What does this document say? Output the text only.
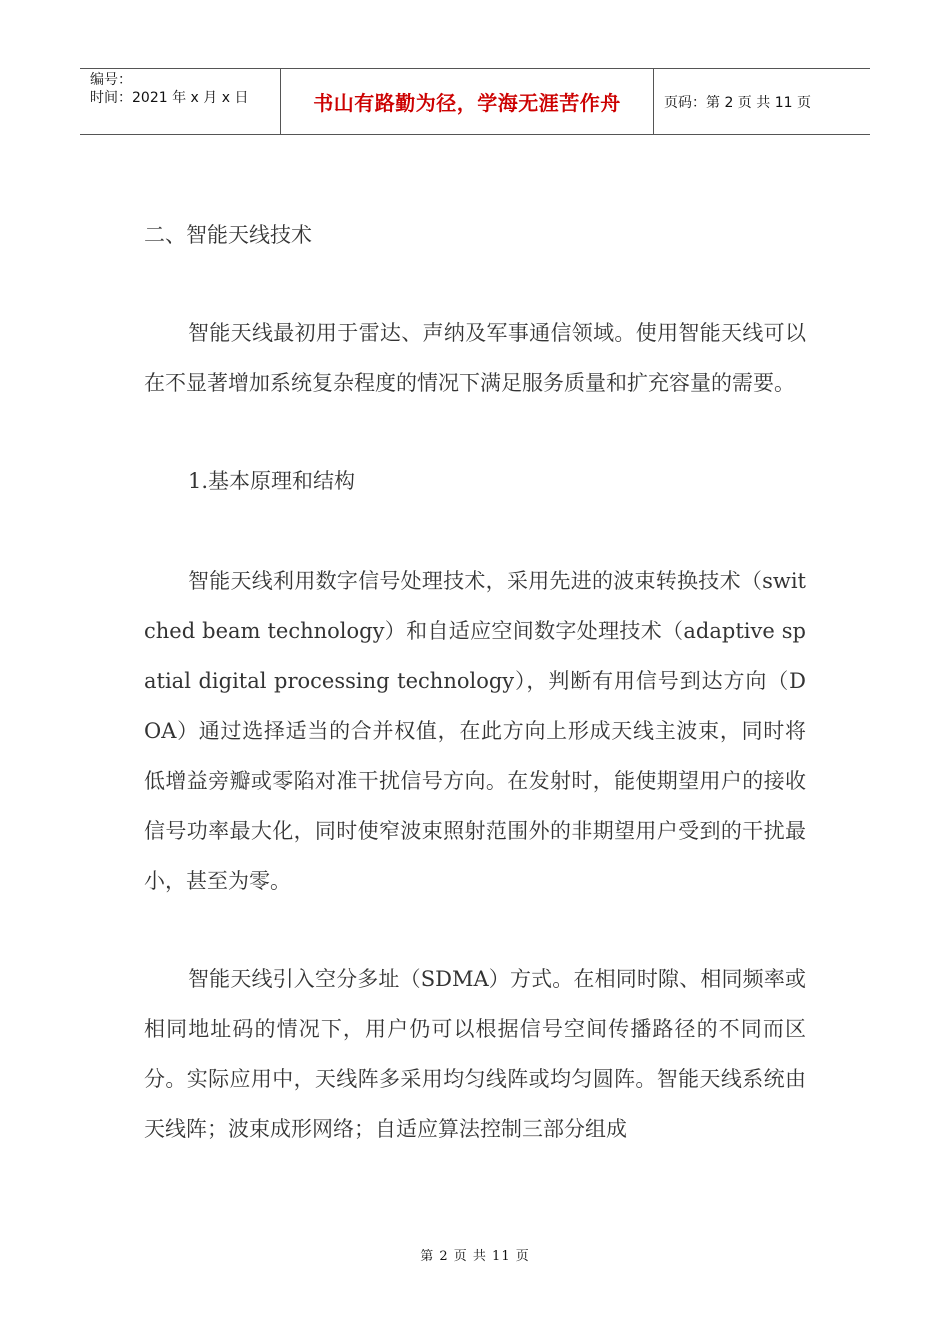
编号：
时间：2021 年 x 月 x 日	书山有路勤为径，学海无涯苦作舟	页码：第 2 页 共 11 页

二、智能天线技术

智能天线最初用于雷达、声纳及军事通信领域。使用智能天线可以在不显著增加系统复杂程度的情况下满足服务质量和扩充容量的需要。

1.基本原理和结构

智能天线利用数字信号处理技术，采用先进的波束转换技术（switched beam technology）和自适应空间数字处理技术（adaptive spatial digital processing technology），判断有用信号到达方向（DOA）通过选择适当的合并权值，在此方向上形成天线主波束，同时将低增益旁瓣或零陷对准干扰信号方向。在发射时，能使期望用户的接收信号功率最大化，同时使窄波束照射范围外的非期望用户受到的干扰最小，甚至为零。

智能天线引入空分多址（SDMA）方式。在相同时隙、相同频率或相同地址码的情况下，用户仍可以根据信号空间传播路径的不同而区分。实际应用中，天线阵多采用均匀线阵或均匀圆阵。智能天线系统由天线阵；波束成形网络；自适应算法控制三部分组成

第 2 页 共 11 页
